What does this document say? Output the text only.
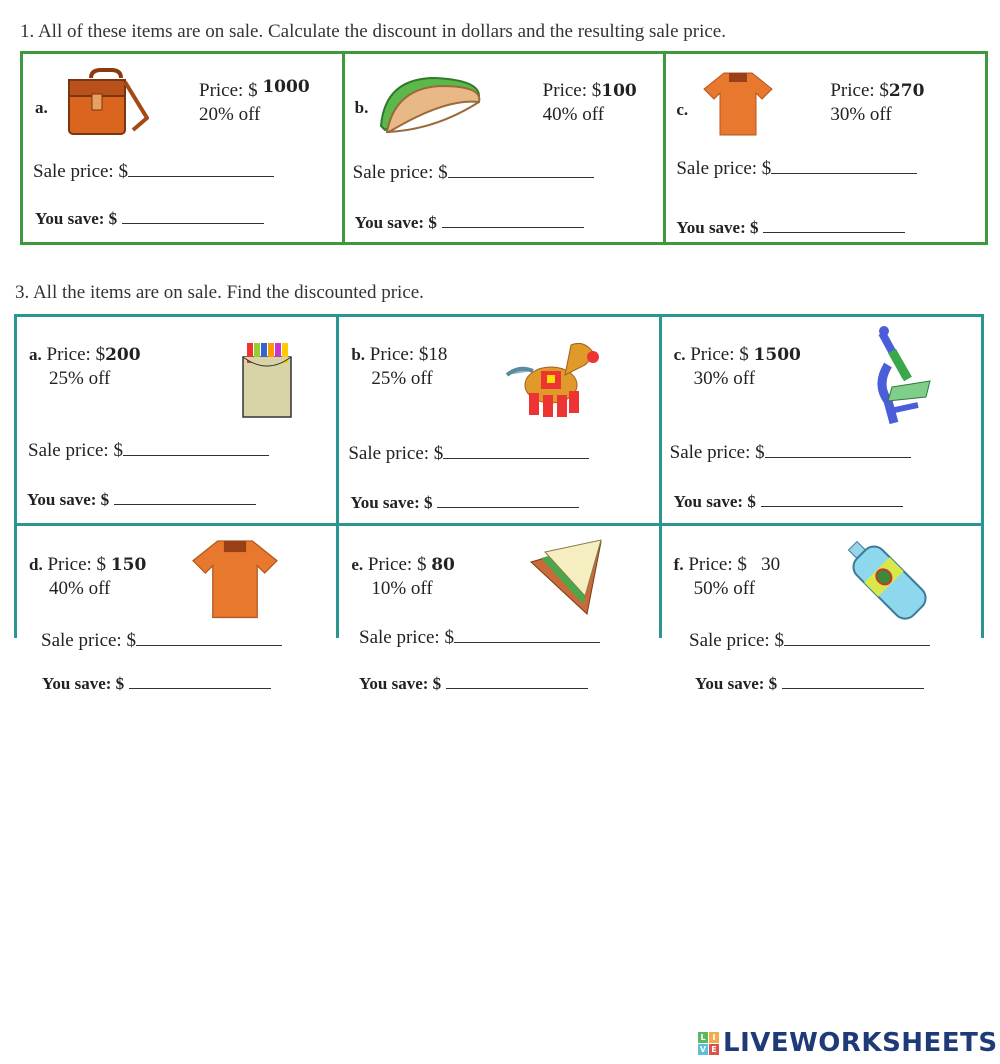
1. All of these items are on sale. Calculate the discount in dollars and the resulting sale price.
a.
Price: $ 1000
20% off
Sale price: $
You save: $
b.
Price: $100
40% off
Sale price: $
You save: $
c.
Price: $270
30% off
Sale price: $
You save: $
3. All the items are on sale. Find the discounted price.
a. Price: $200
25% off
Sale price: $
You save: $
b. Price: $18
25% off
Sale price: $
You save: $
c. Price: $ 1500
30% off
Sale price: $
You save: $
d. Price: $ 150
40% off
e. Price: $ 80
10% off
f. Price: $   30
50% off
Sale price: $
You save: $
Sale price: $
You save: $
Sale price: $
You save: $
L I
V E LIVEWORKSHEETS
